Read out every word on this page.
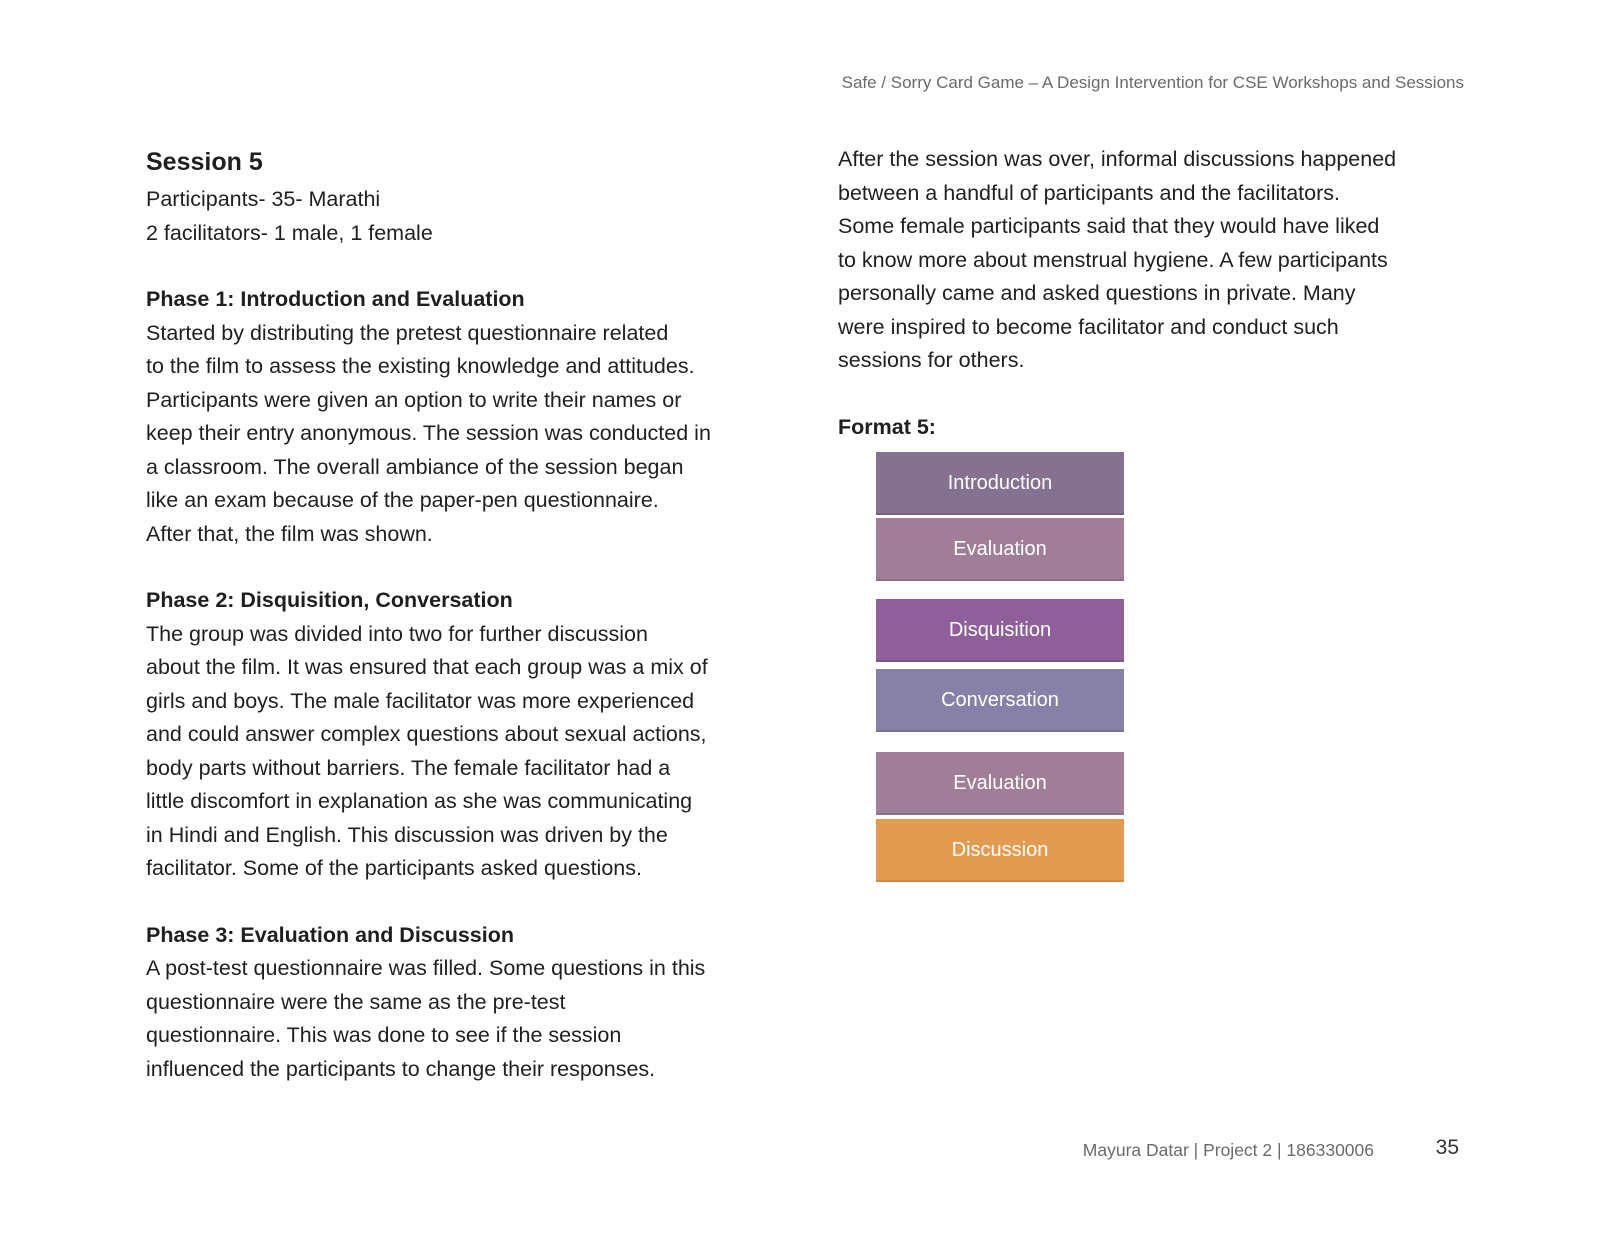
Safe / Sorry Card Game – A Design Intervention for CSE Workshops and Sessions

Session 5

Participants- 35- Marathi

2 facilitators- 1 male, 1 female

Phase 1: Introduction and Evaluation

Started by distributing the pretest questionnaire related
to the film to assess the existing knowledge and attitudes.
Participants were given an option to write their names or
keep their entry anonymous. The session was conducted in
a classroom. The overall ambiance of the session began
like an exam because of the paper-pen questionnaire.
After that, the film was shown.

Phase 2: Disquisition, Conversation

The group was divided into two for further discussion
about the film. It was ensured that each group was a mix of
girls and boys. The male facilitator was more experienced
and could answer complex questions about sexual actions,
body parts without barriers. The female facilitator had a
little discomfort in explanation as she was communicating
in Hindi and English. This discussion was driven by the
facilitator. Some of the participants asked questions.

Phase 3: Evaluation and Discussion

A post-test questionnaire was filled. Some questions in this
questionnaire were the same as the pre-test
questionnaire. This was done to see if the session
influenced the participants to change their responses.

After the session was over, informal discussions happened
between a handful of participants and the facilitators.
Some female participants said that they would have liked
to know more about menstrual hygiene. A few participants
personally came and asked questions in private. Many
were inspired to become facilitator and conduct such
sessions for others.

Format 5:

Introduction
Evaluation
Disquisition
Conversation
Evaluation
Discussion
Mayura Datar | Project 2 | 186330006	35
